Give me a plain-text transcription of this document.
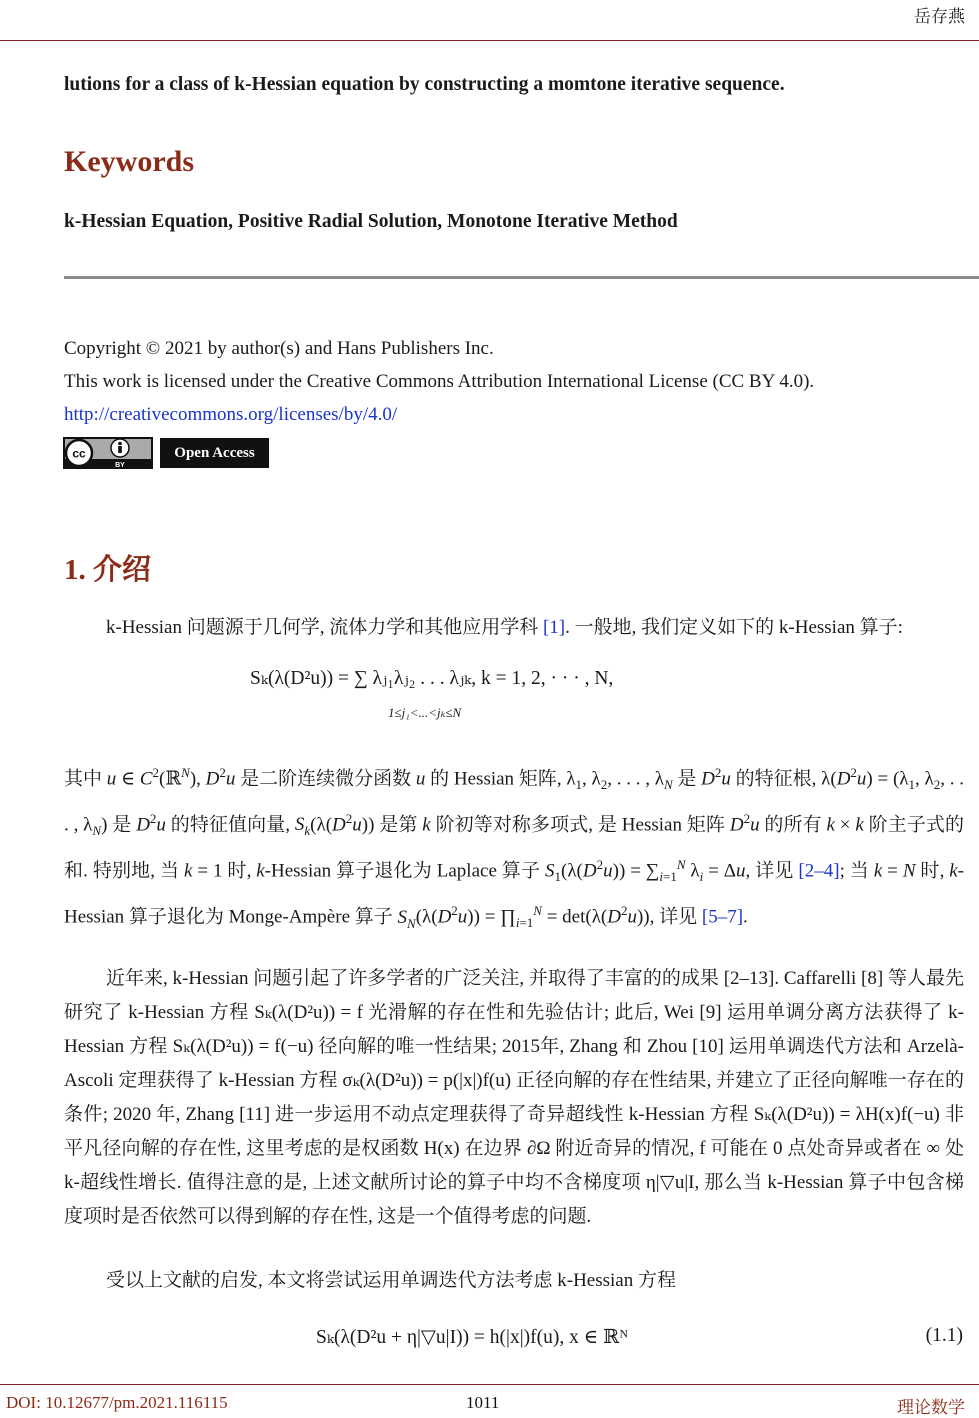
岳存燕
lutions for a class of k-Hessian equation by constructing a momtone iterative sequence.
Keywords
k-Hessian Equation, Positive Radial Solution, Monotone Iterative Method
Copyright © 2021 by author(s) and Hans Publishers Inc.
This work is licensed under the Creative Commons Attribution International License (CC BY 4.0).
http://creativecommons.org/licenses/by/4.0/
cc
BY
Open Access
1. 介绍
k-Hessian 问题源于几何学, 流体力学和其他应用学科 [1]. 一般地, 我们定义如下的 k-Hessian 算子:
Sₖ(λ(D²u)) = ∑ λⱼ₁λⱼ₂ . . . λⱼₖ, k = 1, 2, · · · , N,
1≤j₁<...<jₖ≤N
其中 u ∈ $C^2(ℝ^N)$, $D^2u$ 是二阶连续微分函数 u 的 Hessian 矩阵, $\lambda_1$, $\lambda_2$, . . . , $\lambda_N$ 是 $D^2u$ 的特征根, $\lambda(D^2u) = (\lambda_1$, $\lambda_2$, . . . , $\lambda_N$) 是 $D^2u$ 的特征值向量, $S_k(\lambda(D^2u))$ 是第 k 阶初等对称多项式, 是 Hessian 矩阵 $D^2u$ 的所有 k × k 阶主子式的和. 特别地, 当 k = 1 时, k-Hessian 算子退化为 Laplace 算子 $S_1(\lambda(D^2u)) = \sum_{i=1}^N$ $\lambda_i = \Delta u$, 详见 [2–4]; 当 k = N 时, k-Hessian 算子退化为 Monge-Ampère 算子 $S_N(\lambda(D^2u))$ = $\prod_{i=1}^N = \det(\lambda(D^2u))$, 详见 [5–7].
近年来, k-Hessian 问题引起了许多学者的广泛关注, 并取得了丰富的的成果 [2–13]. Caffarelli [8] 等人最先研究了 k-Hessian 方程 Sₖ(λ(D²u)) = f 光滑解的存在性和先验估计; 此后, Wei [9] 运用单调分离方法获得了 k-Hessian 方程 Sₖ(λ(D²u)) = f(−u) 径向解的唯一性结果; 2015年, Zhang 和 Zhou [10] 运用单调迭代方法和 Arzelà-Ascoli 定理获得了 k-Hessian 方程 σₖ(λ(D²u)) = p(|x|)f(u) 正径向解的存在性结果, 并建立了正径向解唯一存在的条件; 2020 年, Zhang [11] 进一步运用不动点定理获得了奇异超线性 k-Hessian 方程 Sₖ(λ(D²u)) = λH(x)f(−u) 非平凡径向解的存在性, 这里考虑的是权函数 H(x) 在边界 ∂Ω 附近奇异的情况, f 可能在 0 点处奇异或者在 ∞ 处 k-超线性增长. 值得注意的是, 上述文献所讨论的算子中均不含梯度项 η|▽u|I, 那么当 k-Hessian 算子中包含梯度项时是否依然可以得到解的存在性, 这是一个值得考虑的问题.
受以上文献的启发, 本文将尝试运用单调迭代方法考虑 k-Hessian 方程
Sₖ(λ(D²u + η|▽u|I)) = h(|x|)f(u), x ∈ ℝᴺ	(1.1)
DOI: 10.12677/pm.2021.116115	1011	理论数学
